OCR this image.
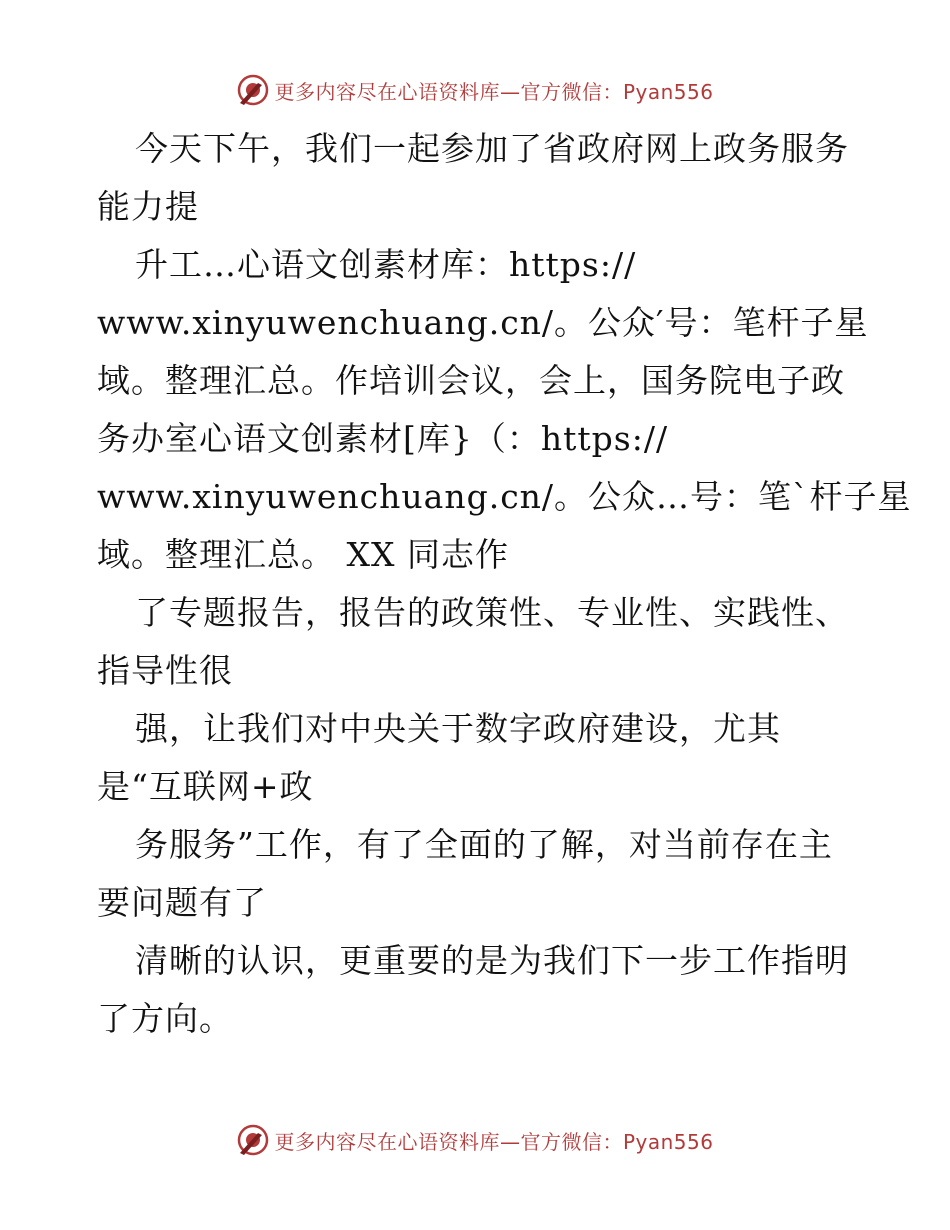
更多内容尽在心语资料库—官方微信：Pyan556
今天下午，我们一起参加了省政府网上政务服务
能力提
升工…心语文创素材库：https://
www.xinyuwenchuang.cn/。公众′号：笔杆子星
域。整理汇总。作培训会议，会上，国务院电子政
务办室心语文创素材[库}（：https://
www.xinyuwenchuang.cn/。公众…号：笔`杆子星
域。整理汇总。 XX 同志作
了专题报告，报告的政策性、专业性、实践性、
指导性很
强，让我们对中央关于数字政府建设，尤其
是“互联网+政
务服务”工作，有了全面的了解，对当前存在主
要问题有了
清晰的认识，更重要的是为我们下一步工作指明
了方向。
更多内容尽在心语资料库—官方微信：Pyan556
